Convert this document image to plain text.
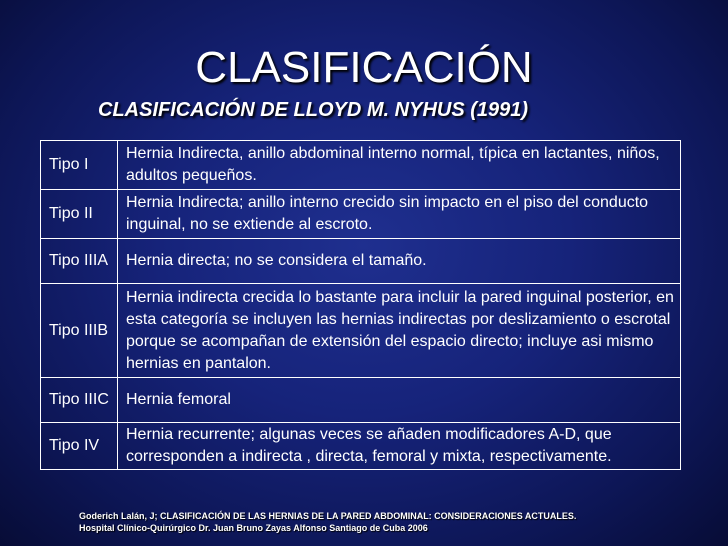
CLASIFICACIÓN
CLASIFICACIÓN DE LLOYD M. NYHUS (1991)
Tipo I	Hernia Indirecta, anillo abdominal interno normal, típica en lactantes, niños, adultos pequeños.
Tipo II	Hernia Indirecta; anillo interno crecido sin impacto en el piso del conducto inguinal, no se extiende al escroto.
Tipo IIIA	Hernia directa; no se considera el tamaño.
Tipo IIIB	Hernia indirecta crecida lo bastante para incluir la pared inguinal posterior, en esta categoría se incluyen las hernias indirectas por deslizamiento o escrotal porque se acompañan de extensión del espacio directo; incluye asi mismo hernias en pantalon.
Tipo IIIC	Hernia femoral
Tipo IV	Hernia recurrente; algunas veces se añaden modificadores A-D, que corresponden a indirecta , directa, femoral y mixta, respectivamente.
Goderich Lalán, J; CLASIFICACIÓN DE LAS HERNIAS DE LA PARED ABDOMINAL: CONSIDERACIONES ACTUALES.
Hospital Clínico-Quirúrgico Dr. Juan Bruno Zayas Alfonso Santiago de Cuba 2006
